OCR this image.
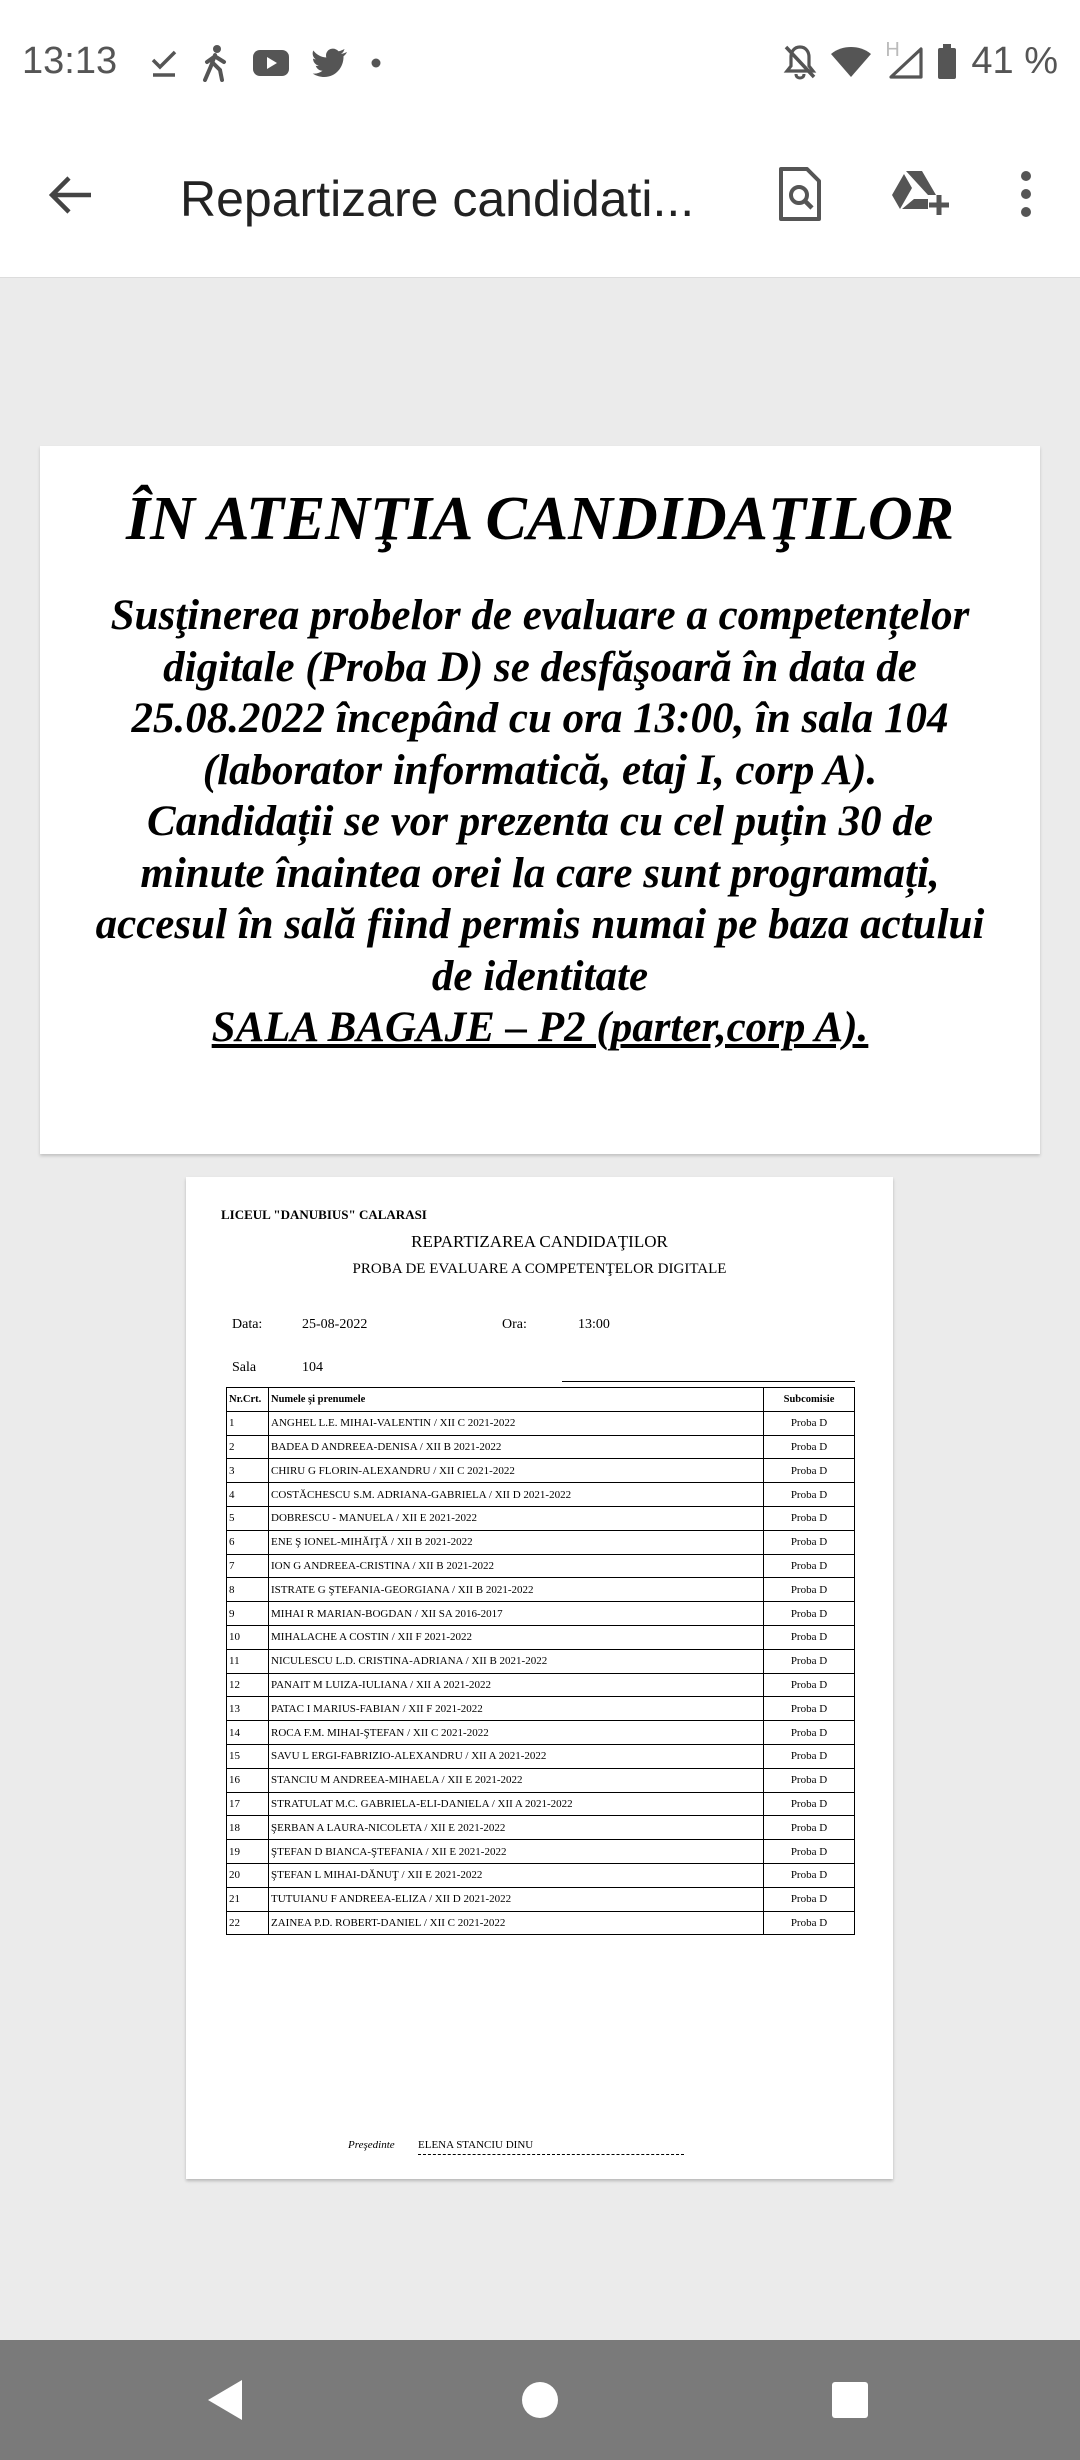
13:13	H 41 %
Repartizare candidati...
ÎN ATENŢIA CANDIDAŢILOR
Susţinerea probelor de evaluare a competențelor
digitale (Proba D) se desfăşoară în data de
25.08.2022 începând cu ora 13:00, în sala 104
(laborator informatică, etaj I, corp A).
Candidații se vor prezenta cu cel puțin 30 de
minute înaintea orei la care sunt programați,
accesul în sală fiind permis numai pe baza actului
de identitate
SALA BAGAJE – P2 (parter,corp A).
LICEUL "DANUBIUS" CALARASI
REPARTIZAREA CANDIDAŢILOR
PROBA DE EVALUARE A COMPETENŢELOR DIGITALE
Data:	25-08-2022	Ora:	13:00
Sala	104
Nr.Crt.	Numele şi prenumele	Subcomisie
1	ANGHEL L.E. MIHAI-VALENTIN / XII C 2021-2022	Proba D
2	BADEA D ANDREEA-DENISA / XII B 2021-2022	Proba D
3	CHIRU G FLORIN-ALEXANDRU / XII C 2021-2022	Proba D
4	COSTĂCHESCU S.M. ADRIANA-GABRIELA / XII D 2021-2022	Proba D
5	DOBRESCU - MANUELA / XII E 2021-2022	Proba D
6	ENE Ş IONEL-MIHĂIŢĂ / XII B 2021-2022	Proba D
7	ION G ANDREEA-CRISTINA / XII B 2021-2022	Proba D
8	ISTRATE G ŞTEFANIA-GEORGIANA / XII B 2021-2022	Proba D
9	MIHAI R MARIAN-BOGDAN / XII SA 2016-2017	Proba D
10	MIHALACHE A COSTIN / XII F 2021-2022	Proba D
11	NICULESCU L.D. CRISTINA-ADRIANA / XII B 2021-2022	Proba D
12	PANAIT M LUIZA-IULIANA / XII A 2021-2022	Proba D
13	PATAC I MARIUS-FABIAN / XII F 2021-2022	Proba D
14	ROCA F.M. MIHAI-ŞTEFAN / XII C 2021-2022	Proba D
15	SAVU L ERGI-FABRIZIO-ALEXANDRU / XII A 2021-2022	Proba D
16	STANCIU M ANDREEA-MIHAELA / XII E 2021-2022	Proba D
17	STRATULAT M.C. GABRIELA-ELI-DANIELA / XII A 2021-2022	Proba D
18	ŞERBAN A LAURA-NICOLETA / XII E 2021-2022	Proba D
19	ŞTEFAN D BIANCA-ŞTEFANIA / XII E 2021-2022	Proba D
20	ŞTEFAN L MIHAI-DĂNUŢ / XII E 2021-2022	Proba D
21	TUTUIANU F ANDREEA-ELIZA / XII D 2021-2022	Proba D
22	ZAINEA P.D. ROBERT-DANIEL / XII C 2021-2022	Proba D
Preşedinte ELENA STANCIU DINU
